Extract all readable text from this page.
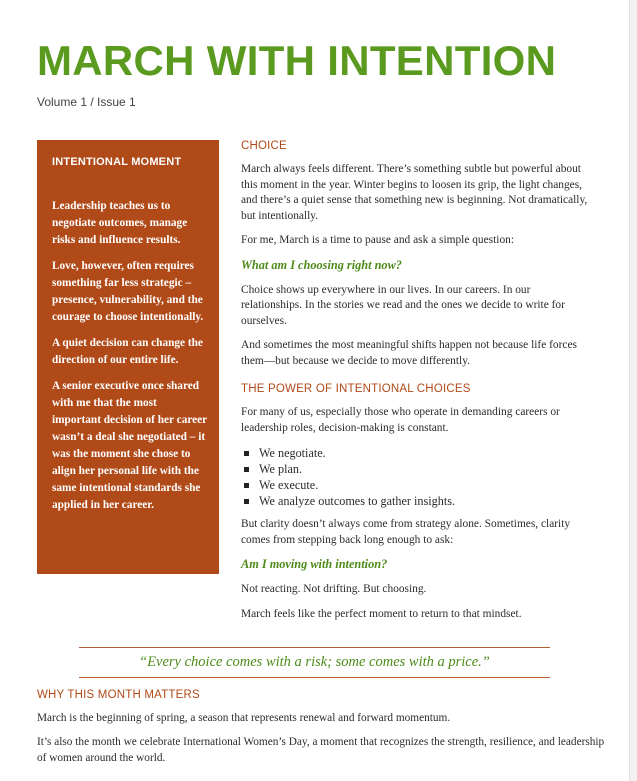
MARCH WITH INTENTION
Volume 1 / Issue 1
INTENTIONAL MOMENT

Leadership teaches us to negotiate outcomes, manage risks and influence results.

Love, however, often requires something far less strategic – presence, vulnerability, and the courage to choose intentionally.

A quiet decision can change the direction of our entire life.

A senior executive once shared with me that the most important decision of her career wasn’t a deal she negotiated – it was the moment she chose to align her personal life with the same intentional standards she applied in her career.

CHOICE

March always feels different. There’s something subtle but powerful about this moment in the year. Winter begins to loosen its grip, the light changes, and there’s a quiet sense that something new is beginning. Not dramatically, but intentionally.

For me, March is a time to pause and ask a simple question:

What am I choosing right now?

Choice shows up everywhere in our lives. In our careers. In our relationships. In the stories we read and the ones we decide to write for ourselves.

And sometimes the most meaningful shifts happen not because life forces them—but because we decide to move differently.

THE POWER OF INTENTIONAL CHOICES

For many of us, especially those who operate in demanding careers or leadership roles, decision-making is constant.

We negotiate.
We plan.
We execute.
We analyze outcomes to gather insights.

But clarity doesn’t always come from strategy alone. Sometimes, clarity comes from stepping back long enough to ask:

Am I moving with intention?

Not reacting. Not drifting. But choosing.

March feels like the perfect moment to return to that mindset.

“Every choice comes with a risk; some comes with a price.”
WHY THIS MONTH MATTERS

March is the beginning of spring, a season that represents renewal and forward momentum.

It’s also the month we celebrate International Women’s Day, a moment that recognizes the strength, resilience, and leadership of women around the world.
